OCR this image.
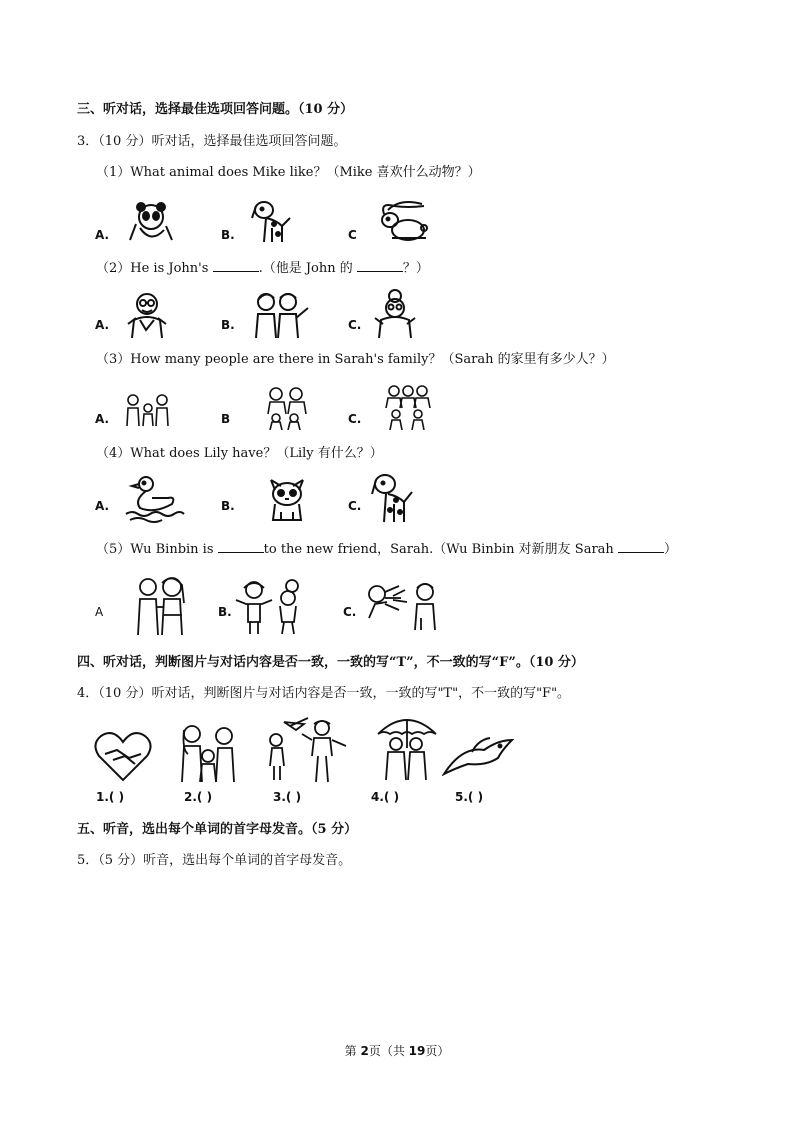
三、听对话，选择最佳选项回答问题。（10 分）
3．（10 分）听对话，选择最佳选项回答问题。
（1）What animal does Mike like？（Mike 喜欢什么动物？）
A.	B.	C
（2）He is John's	.（他是 John 的	？）
A.	B.	C.
（3）How many people are there in Sarah's family？（Sarah 的家里有多少人？）
A.	B	C.
（4）What does Lily have？（Lily 有什么？）
A.	B.	C.
（5）Wu Binbin is	to the new friend，Sarah.（Wu Binbin 对新朋友 Sarah	）
A	B.	C.
四、听对话，判断图片与对话内容是否一致，一致的写“T”，不一致的写“F”。（10 分）
4．（10 分）听对话，判断图片与对话内容是否一致，一致的写"T"，不一致的写"F"。
1.( )	2.( )	3.( )	4.( )	5.( )
五、听音，选出每个单词的首字母发音。（5 分）
5．（5 分）听音，选出每个单词的首字母发音。
第 2页（共 19页）
